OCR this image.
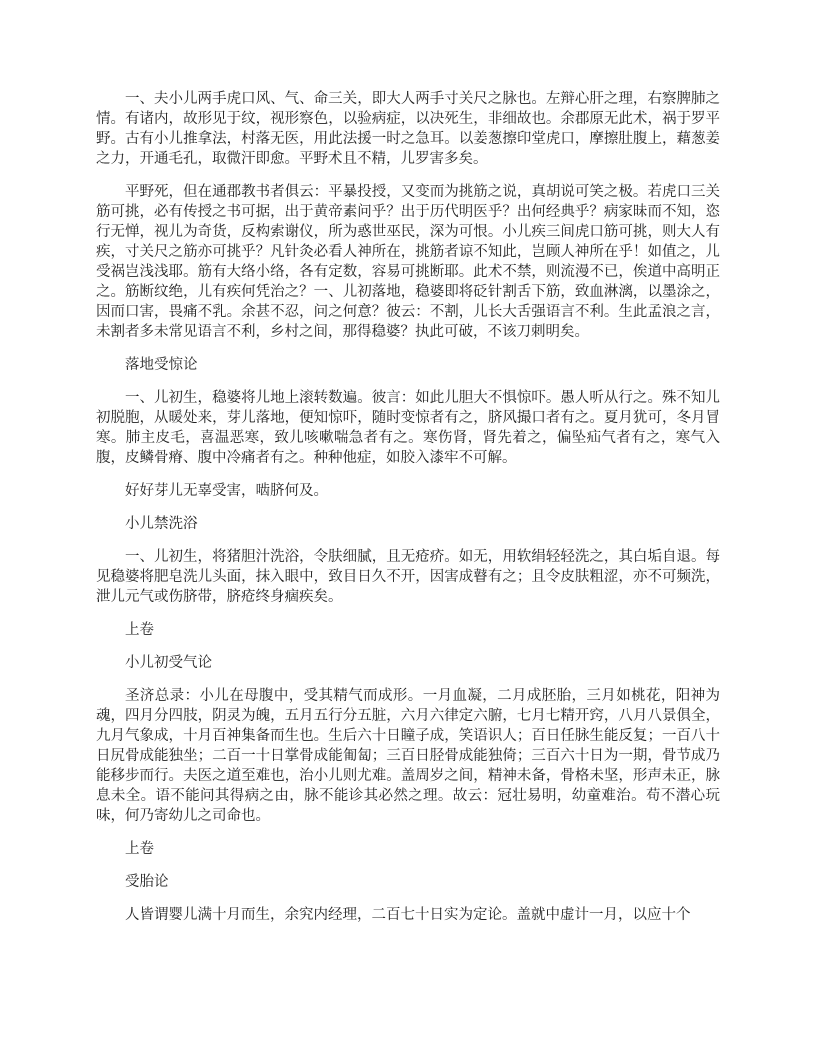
一、夫小儿两手虎口风、气、命三关，即大人两手寸关尺之脉也。左辩心肝之理，右察脾肺之情。有诸内，故形见于纹，视形察色，以验病症，以决死生，非细故也。余郡原无此术，祸于罗平野。古有小儿推拿法，村落无医，用此法援一时之急耳。以姜葱擦印堂虎口，摩擦肚腹上，藉葱姜之力，开通毛孔，取微汗即愈。平野术且不精，儿罗害多矣。

平野死，但在通郡教书者俱云：平暴投授，又变而为挑筋之说，真胡说可笑之极。若虎口三关筋可挑，必有传授之书可据，出于黄帝素问乎？出于历代明医乎？出何经典乎？病家昧而不知，恣行无惮，视儿为奇货，反构索谢仪，所为惑世巫民，深为可恨。小儿疾三间虎口筋可挑，则大人有疾，寸关尺之筋亦可挑乎？凡针灸必看人神所在，挑筋者谅不知此，岂顾人神所在乎！如值之，儿受祸岂浅浅耶。筋有大络小络，各有定数，容易可挑断耶。此术不禁，则流漫不已，俟道中高明正之。筋断纹绝，儿有疾何凭治之？一、儿初落地，稳婆即将砭针割舌下筋，致血淋漓，以墨涂之，因而口害，畏痛不乳。余甚不忍，问之何意？彼云：不割，儿长大舌强语言不利。生此孟浪之言，未割者多未常见语言不利，乡村之间，那得稳婆？执此可破，不该刀刺明矣。

落地受惊论

一、儿初生，稳婆将儿地上滚转数遍。彼言：如此儿胆大不惧惊吓。愚人听从行之。殊不知儿初脱胞，从暖处来，芽儿落地，便知惊吓，随时变惊者有之，脐风撮口者有之。夏月犹可，冬月冒寒。肺主皮毛，喜温恶寒，致儿咳嗽喘急者有之。寒伤肾，肾先着之，偏坠疝气者有之，寒气入腹，皮鳞骨瘠、腹中冷痛者有之。种种他症，如胶入漆牢不可解。

好好芽儿无辜受害，啮脐何及。

小儿禁洗浴

一、儿初生，将猪胆汁洗浴，令肤细腻，且无疮疥。如无，用软绢轻轻洗之，其白垢自退。每见稳婆将肥皂洗儿头面，抹入眼中，致目日久不开，因害成瞽有之；且令皮肤粗涩，亦不可频洗，泄儿元气或伤脐带，脐疮终身痼疾矣。

上卷

小儿初受气论

圣济总录：小儿在母腹中，受其精气而成形。一月血凝，二月成胚胎，三月如桃花，阳神为魂，四月分四肢，阴灵为魄，五月五行分五脏，六月六律定六腑，七月七精开窍，八月八景俱全，九月气象成，十月百神集备而生也。生后六十日瞳子成，笑语识人；百日任脉生能反复；一百八十日尻骨成能独坐；二百一十日掌骨成能匍匐；三百日胫骨成能独倚；三百六十日为一期，骨节成乃能移步而行。夫医之道至难也，治小儿则尤难。盖周岁之间，精神未备，骨格未坚，形声未正，脉息未全。语不能问其得病之由，脉不能诊其必然之理。故云：冠壮易明，幼童难治。苟不潜心玩味，何乃寄幼儿之司命也。

上卷

受胎论

人皆谓婴儿满十月而生，余究内经理，二百七十日实为定论。盖就中虚计一月，以应十个
